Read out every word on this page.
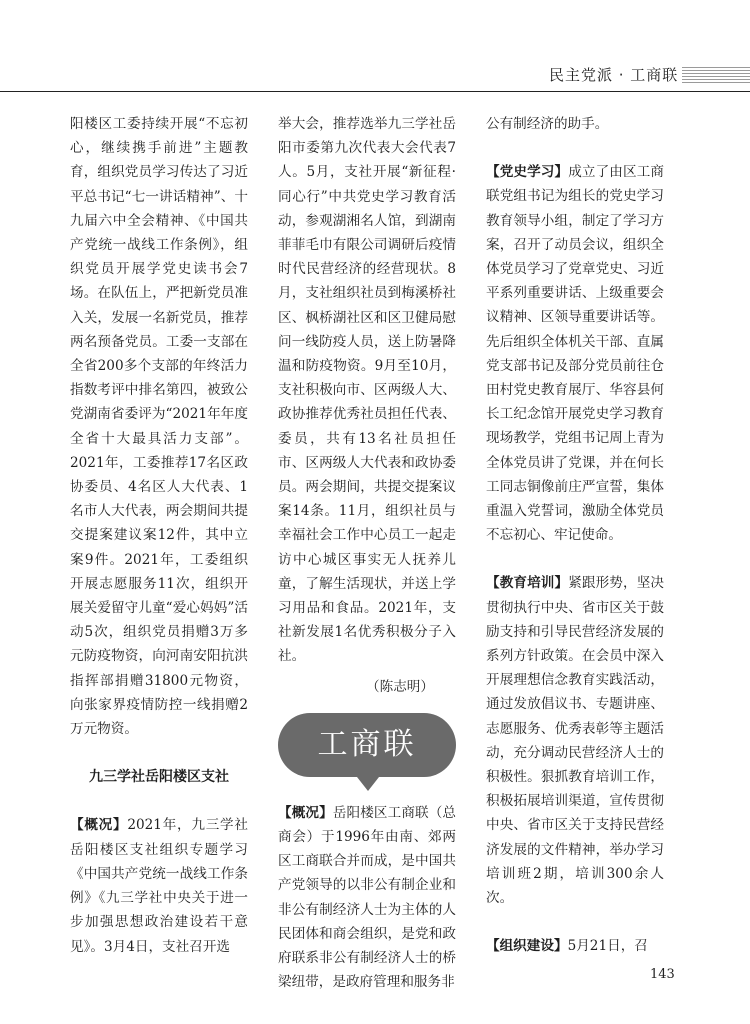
民主党派 · 工商联

阳楼区工委持续开展“不忘初心，继续携手前进”主题教育，组织党员学习传达了习近平总书记“七一讲话精神”、十九届六中全会精神、《中国共产党统一战线工作条例》，组织党员开展学党史读书会7场。在队伍上，严把新党员准入关，发展一名新党员，推荐两名预备党员。工委一支部在全省200多个支部的年终活力指数考评中排名第四，被致公党湖南省委评为“2021年年度全省十大最具活力支部”。2021年，工委推荐17名区政协委员、4名区人大代表、1名市人大代表，两会期间共提交提案建议案12件，其中立案9件。2021年，工委组织开展志愿服务11次，组织开展关爱留守儿童“爱心妈妈”活动5次，组织党员捐赠3万多元防疫物资，向河南安阳抗洪指挥部捐赠31800元物资，向张家界疫情防控一线捐赠2万元物资。

九三学社岳阳楼区支社

【概况】2021年，九三学社岳阳楼区支社组织专题学习《中国共产党统一战线工作条例》《九三学社中央关于进一步加强思想政治建设若干意见》。3月4日，支社召开选

举大会，推荐选举九三学社岳阳市委第九次代表大会代表7人。5月，支社开展“新征程·同心行”中共党史学习教育活动，参观湖湘名人馆，到湖南菲菲毛巾有限公司调研后疫情时代民营经济的经营现状。8月，支社组织社员到梅溪桥社区、枫桥湖社区和区卫健局慰问一线防疫人员，送上防暑降温和防疫物资。9月至10月，支社积极向市、区两级人大、政协推荐优秀社员担任代表、委员，共有13名社员担任市、区两级人大代表和政协委员。两会期间，共提交提案议案14条。11月，组织社员与幸福社会工作中心员工一起走访中心城区事实无人抚养儿童，了解生活现状，并送上学习用品和食品。2021年，支社新发展1名优秀积极分子入社。

（陈志明）
工商联

【概况】岳阳楼区工商联（总商会）于1996年由南、郊两区工商联合并而成，是中国共产党领导的以非公有制企业和非公有制经济人士为主体的人民团体和商会组织，是党和政府联系非公有制经济人士的桥梁纽带，是政府管理和服务非

公有制经济的助手。

【党史学习】成立了由区工商联党组书记为组长的党史学习教育领导小组，制定了学习方案，召开了动员会议，组织全体党员学习了党章党史、习近平系列重要讲话、上级重要会议精神、区领导重要讲话等。先后组织全体机关干部、直属党支部书记及部分党员前往仓田村党史教育展厅、华容县何长工纪念馆开展党史学习教育现场教学，党组书记周上青为全体党员讲了党课，并在何长工同志铜像前庄严宣誓，集体重温入党誓词，激励全体党员不忘初心、牢记使命。

【教育培训】紧跟形势，坚决贯彻执行中央、省市区关于鼓励支持和引导民营经济发展的系列方针政策。在会员中深入开展理想信念教育实践活动，通过发放倡议书、专题讲座、志愿服务、优秀表彰等主题活动，充分调动民营经济人士的积极性。狠抓教育培训工作，积极拓展培训渠道，宣传贯彻中央、省市区关于支持民营经济发展的文件精神，举办学习培训班2期，培训300余人次。

【组织建设】5月21日，召

143
